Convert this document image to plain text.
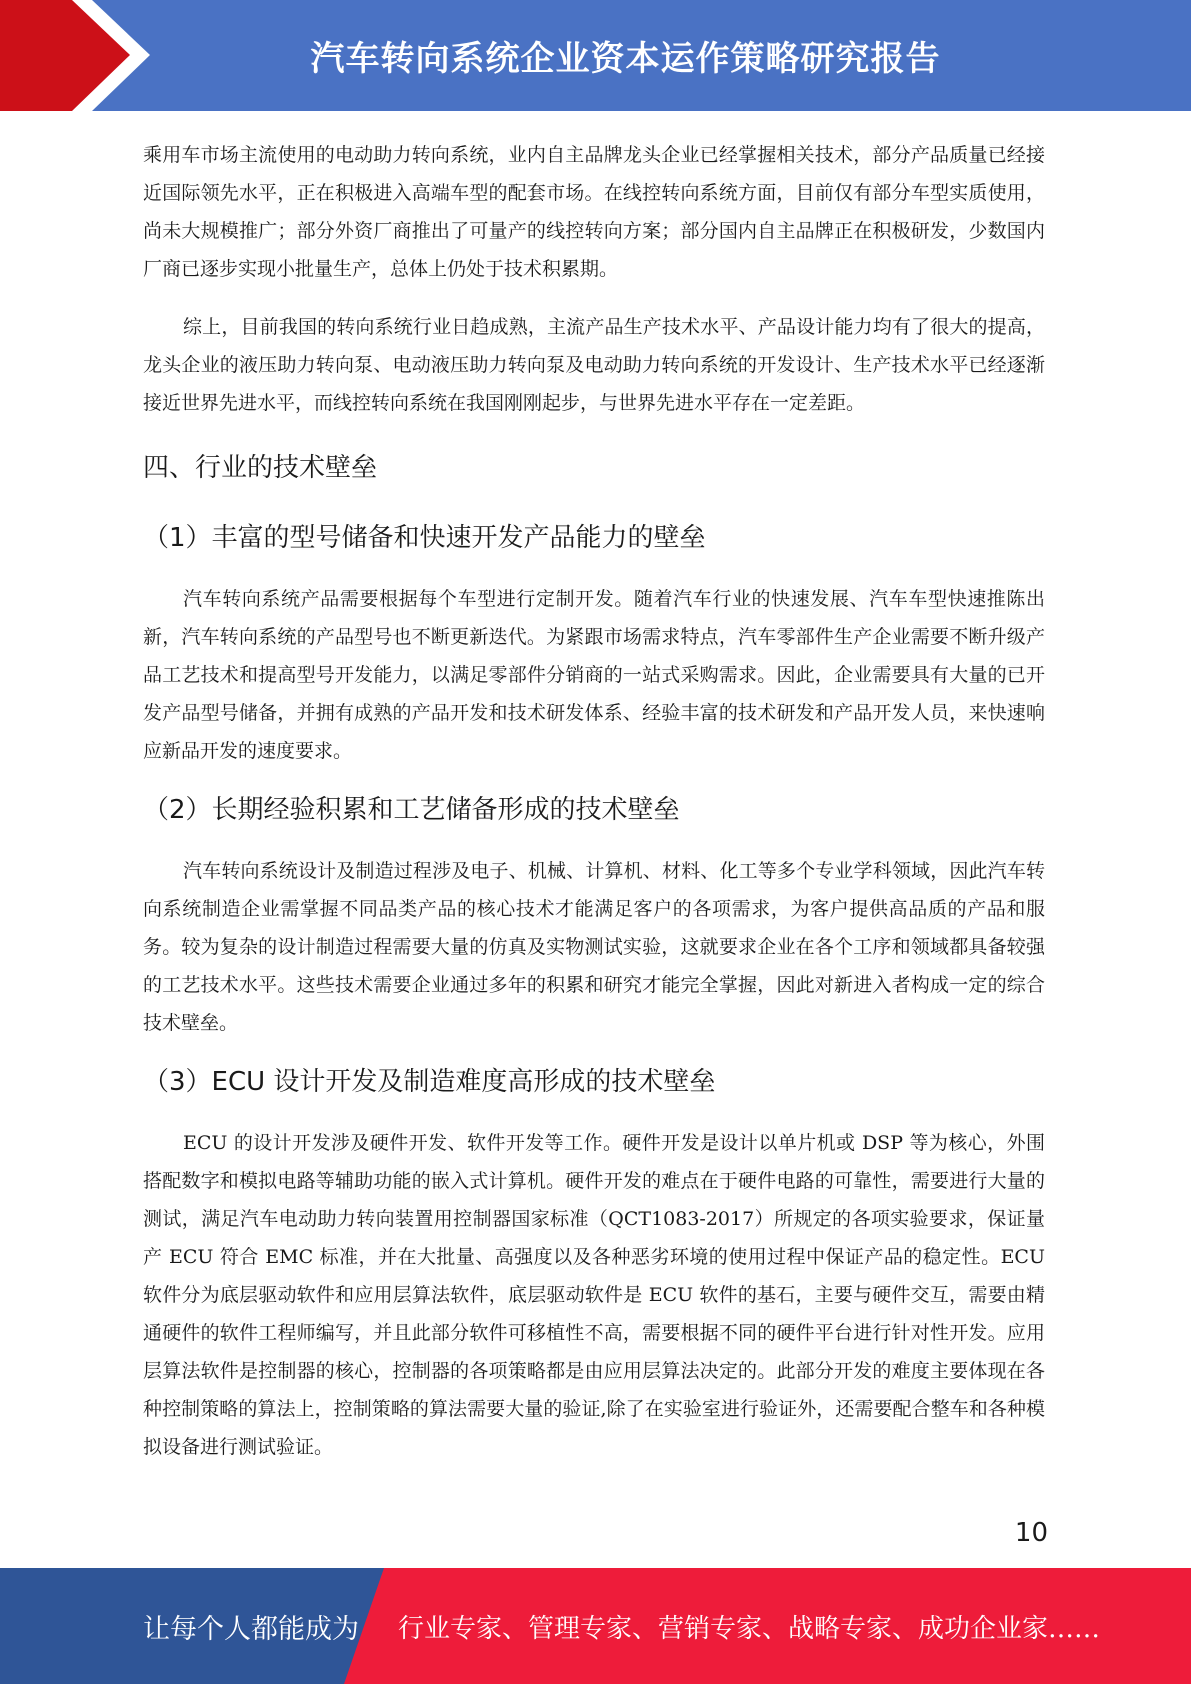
汽车转向系统企业资本运作策略研究报告

乘用车市场主流使用的电动助力转向系统，业内自主品牌龙头企业已经掌握相关技术，部分产品质量已经接近国际领先水平，正在积极进入高端车型的配套市场。在线控转向系统方面，目前仅有部分车型实质使用，尚未大规模推广；部分外资厂商推出了可量产的线控转向方案；部分国内自主品牌正在积极研发，少数国内厂商已逐步实现小批量生产，总体上仍处于技术积累期。

综上，目前我国的转向系统行业日趋成熟，主流产品生产技术水平、产品设计能力均有了很大的提高，龙头企业的液压助力转向泵、电动液压助力转向泵及电动助力转向系统的开发设计、生产技术水平已经逐渐接近世界先进水平，而线控转向系统在我国刚刚起步，与世界先进水平存在一定差距。

四、行业的技术壁垒
（1）丰富的型号储备和快速开发产品能力的壁垒

汽车转向系统产品需要根据每个车型进行定制开发。随着汽车行业的快速发展、汽车车型快速推陈出新，汽车转向系统的产品型号也不断更新迭代。为紧跟市场需求特点，汽车零部件生产企业需要不断升级产品工艺技术和提高型号开发能力，以满足零部件分销商的一站式采购需求。因此，企业需要具有大量的已开发产品型号储备，并拥有成熟的产品开发和技术研发体系、经验丰富的技术研发和产品开发人员，来快速响应新品开发的速度要求。

（2）长期经验积累和工艺储备形成的技术壁垒

汽车转向系统设计及制造过程涉及电子、机械、计算机、材料、化工等多个专业学科领域，因此汽车转向系统制造企业需掌握不同品类产品的核心技术才能满足客户的各项需求，为客户提供高品质的产品和服务。较为复杂的设计制造过程需要大量的仿真及实物测试实验，这就要求企业在各个工序和领域都具备较强的工艺技术水平。这些技术需要企业通过多年的积累和研究才能完全掌握，因此对新进入者构成一定的综合技术壁垒。

（3）ECU 设计开发及制造难度高形成的技术壁垒

ECU 的设计开发涉及硬件开发、软件开发等工作。硬件开发是设计以单片机或 DSP 等为核心，外围搭配数字和模拟电路等辅助功能的嵌入式计算机。硬件开发的难点在于硬件电路的可靠性，需要进行大量的测试，满足汽车电动助力转向装置用控制器国家标准（QCT1083-2017）所规定的各项实验要求，保证量产 ECU 符合 EMC 标准，并在大批量、高强度以及各种恶劣环境的使用过程中保证产品的稳定性。ECU 软件分为底层驱动软件和应用层算法软件，底层驱动软件是 ECU 软件的基石，主要与硬件交互，需要由精通硬件的软件工程师编写，并且此部分软件可移植性不高，需要根据不同的硬件平台进行针对性开发。应用层算法软件是控制器的核心，控制器的各项策略都是由应用层算法决定的。此部分开发的难度主要体现在各种控制策略的算法上，控制策略的算法需要大量的验证,除了在实验室进行验证外，还需要配合整车和各种模拟设备进行测试验证。

10
让每个人都能成为 行业专家、管理专家、营销专家、战略专家、成功企业家……
